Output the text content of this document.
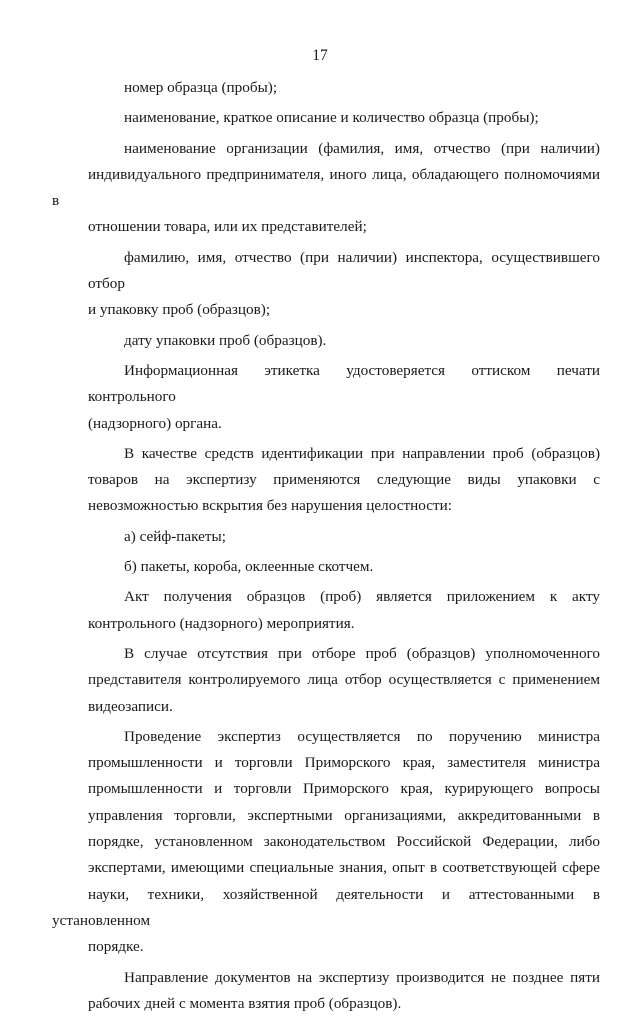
17

номер образца (пробы);

наименование, краткое описание и количество образца (пробы);

наименование организации (фамилия, имя, отчество (при наличии)
индивидуального предпринимателя, иного лица, обладающего полномочиями в
отношении товара, или их представителей;

фамилию, имя, отчество (при наличии) инспектора, осуществившего отбор
и упаковку проб (образцов);

дату упаковки проб (образцов).

Информационная этикетка удостоверяется оттиском печати контрольного
(надзорного) органа.

В качестве средств идентификации при направлении проб (образцов)
товаров на экспертизу применяются следующие виды упаковки с
невозможностью вскрытия без нарушения целостности:

а) сейф-пакеты;

б) пакеты, короба, оклеенные скотчем.

Акт получения образцов (проб) является приложением к акту
контрольного (надзорного) мероприятия.

В случае отсутствия при отборе проб (образцов) уполномоченного
представителя контролируемого лица отбор осуществляется с применением
видеозаписи.

Проведение экспертиз осуществляется по поручению министра
промышленности и торговли Приморского края, заместителя министра
промышленности и торговли Приморского края, курирующего вопросы
управления торговли, экспертными организациями, аккредитованными в
порядке, установленном законодательством Российской Федерации, либо
экспертами, имеющими специальные знания, опыт в соответствующей сфере
науки, техники, хозяйственной деятельности и аттестованными в установленном
порядке.

Направление документов на экспертизу производится не позднее пяти
рабочих дней с момента взятия проб (образцов).
